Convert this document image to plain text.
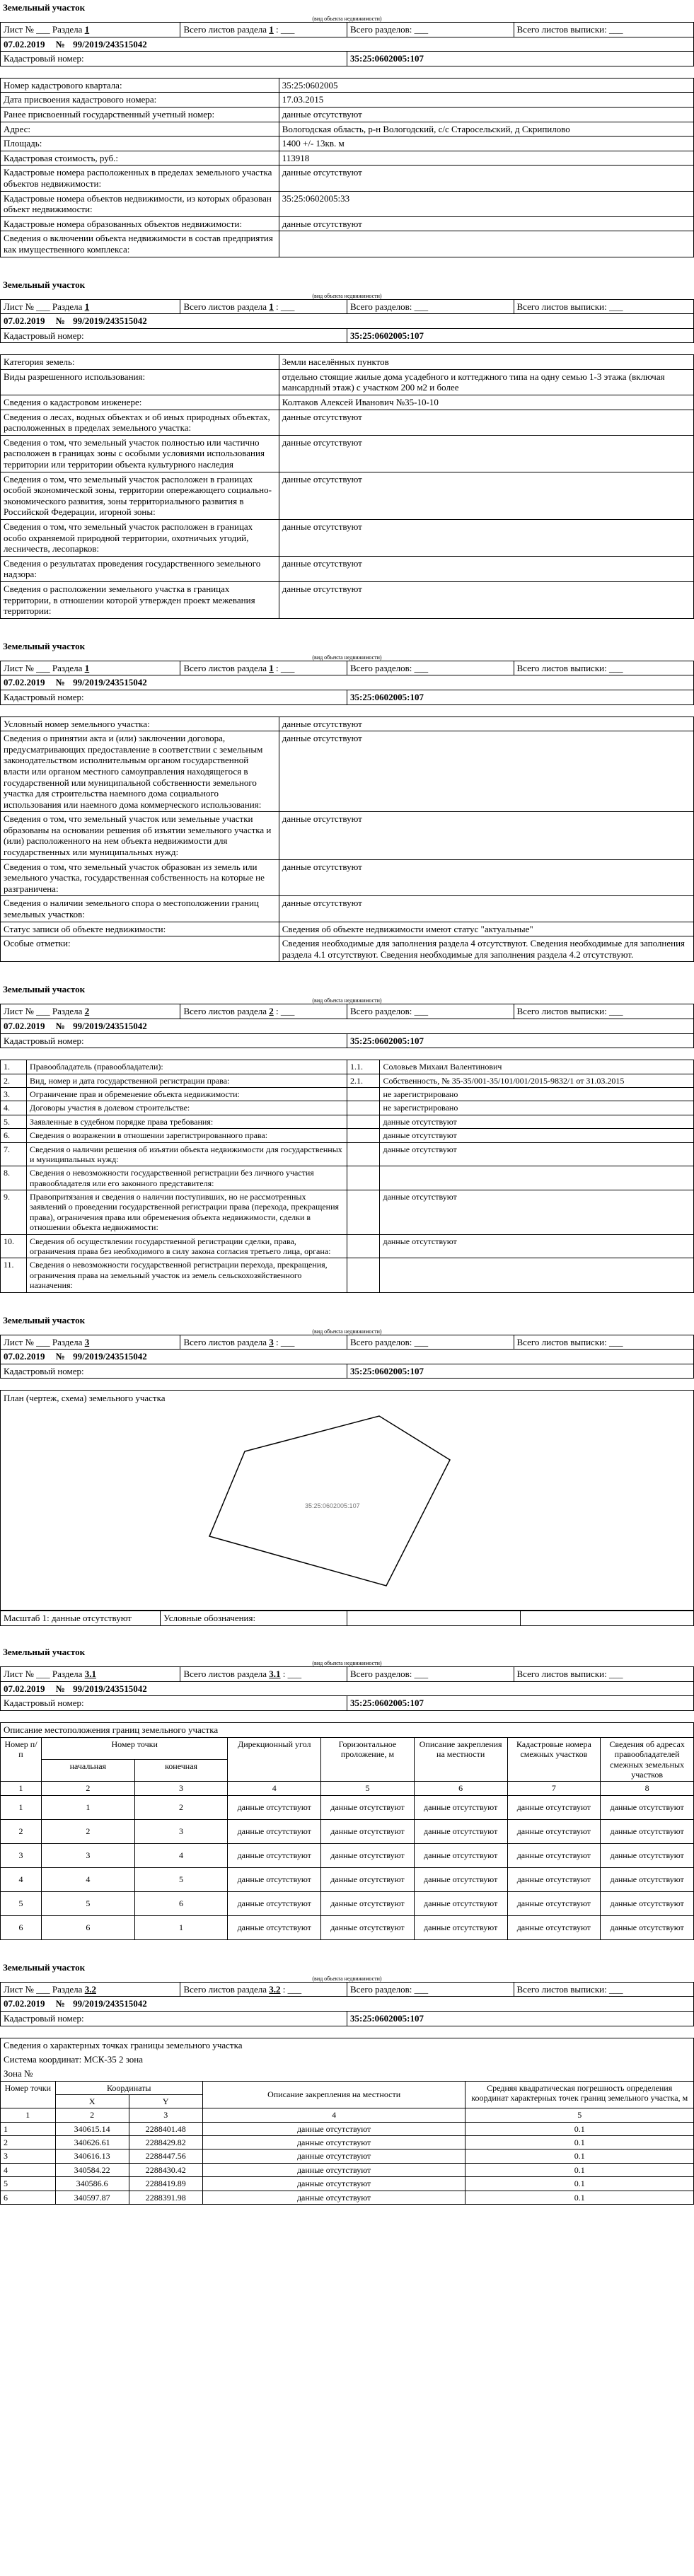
Земельный участок
(вид объекта недвижимости)
Лист № ___ Раздела 1	Всего листов раздела 1 : ___	Всего разделов: ___	Всего листов выписки: ___
07.02.2019 № 99/2019/243515042			
Кадастровый номер:		35:25:0602005:107	
Номер кадастрового квартала:	35:25:0602005
Дата присвоения кадастрового номера:	17.03.2015
Ранее присвоенный государственный учетный номер:	данные отсутствуют
Адрес:	Вологодская область, р-н Вологодский, с/с Старосельский, д Скрипилово
Площадь:	1400 +/- 13кв. м
Кадастровая стоимость, руб.:	113918
Кадастровые номера расположенных в пределах земельного участка объектов недвижимости:	данные отсутствуют
Кадастровые номера объектов недвижимости, из которых образован объект недвижимости:	35:25:0602005:33
Кадастровые номера образованных объектов недвижимости:	данные отсутствуют
Сведения о включении объекта недвижимости в состав предприятия как имущественного комплекса:	
Земельный участок
(вид объекта недвижимости)
Лист № ___ Раздела 1	Всего листов раздела 1 : ___	Всего разделов: ___	Всего листов выписки: ___
07.02.2019 № 99/2019/243515042			
Кадастровый номер:		35:25:0602005:107	
Категория земель:	Земли населённых пунктов
Виды разрешенного использования:	отдельно стоящие жилые дома усадебного и коттеджного типа на одну семью 1-3 этажа (включая мансардный этаж) с участком 200 м2 и более
Сведения о кадастровом инженере:	Колтаков Алексей Иванович №35-10-10
Сведения о лесах, водных объектах и об иных природных объектах, расположенных в пределах земельного участка:	данные отсутствуют
Сведения о том, что земельный участок полностью или частично расположен в границах зоны с особыми условиями использования территории или территории объекта культурного наследия	данные отсутствуют
Сведения о том, что земельный участок расположен в границах особой экономической зоны, территории опережающего социально-экономического развития, зоны территориального развития в Российской Федерации, игорной зоны:	данные отсутствуют
Сведения о том, что земельный участок расположен в границах особо охраняемой природной территории, охотничьих угодий, лесничеств, лесопарков:	данные отсутствуют
Сведения о результатах проведения государственного земельного надзора:	данные отсутствуют
Сведения о расположении земельного участка в границах территории, в отношении которой утвержден проект межевания территории:	данные отсутствуют
Земельный участок
(вид объекта недвижимости)
Лист № ___ Раздела 1	Всего листов раздела 1 : ___	Всего разделов: ___	Всего листов выписки: ___
07.02.2019 № 99/2019/243515042			
Кадастровый номер:		35:25:0602005:107	
Условный номер земельного участка:	данные отсутствуют
Сведения о принятии акта и (или) заключении договора, предусматривающих предоставление в соответствии с земельным законодательством исполнительным органом государственной власти или органом местного самоуправления находящегося в государственной или муниципальной собственности земельного участка для строительства наемного дома социального использования или наемного дома коммерческого использования:	данные отсутствуют
Сведения о том, что земельный участок или земельные участки образованы на основании решения об изъятии земельного участка и (или) расположенного на нем объекта недвижимости для государственных или муниципальных нужд:	данные отсутствуют
Сведения о том, что земельный участок образован из земель или земельного участка, государственная собственность на которые не разграничена:	данные отсутствуют
Сведения о наличии земельного спора о местоположении границ земельных участков:	данные отсутствуют
Статус записи об объекте недвижимости:	Сведения об объекте недвижимости имеют статус "актуальные"
Особые отметки:	Сведения необходимые для заполнения раздела 4 отсутствуют. Сведения необходимые для заполнения раздела 4.1 отсутствуют. Сведения необходимые для заполнения раздела 4.2 отсутствуют.
Земельный участок
(вид объекта недвижимости)
Лист № ___ Раздела 2	Всего листов раздела 2 : ___	Всего разделов: ___	Всего листов выписки: ___
07.02.2019 № 99/2019/243515042			
Кадастровый номер:		35:25:0602005:107	
1.	Правообладатель (правообладатели):	1.1.	Соловьев Михаил Валентинович
2.	Вид, номер и дата государственной регистрации права:	2.1.	Собственность, № 35-35/001-35/101/001/2015-9832/1 от 31.03.2015
3.	Ограничение прав и обременение объекта недвижимости:		не зарегистрировано
4.	Договоры участия в долевом строительстве:		не зарегистрировано
5.	Заявленные в судебном порядке права требования:		данные отсутствуют
6.	Сведения о возражении в отношении зарегистрированного права:		данные отсутствуют
7.	Сведения о наличии решения об изъятии объекта недвижимости для государственных и муниципальных нужд:		данные отсутствуют
8.	Сведения о невозможности государственной регистрации без личного участия правообладателя или его законного представителя:		
9.	Правопритязания и сведения о наличии поступивших, но не рассмотренных заявлений о проведении государственной регистрации права (перехода, прекращения права), ограничения права или обременения объекта недвижимости, сделки в отношении объекта недвижимости:		данные отсутствуют
10.	Сведения об осуществлении государственной регистрации сделки, права, ограничения права без необходимого в силу закона согласия третьего лица, органа:		данные отсутствуют
11.	Сведения о невозможности государственной регистрации перехода, прекращения, ограничения права на земельный участок из земель сельскохозяйственного назначения:		
Земельный участок
(вид объекта недвижимости)
Лист № ___ Раздела 3	Всего листов раздела 3 : ___	Всего разделов: ___	Всего листов выписки: ___
07.02.2019 № 99/2019/243515042			
Кадастровый номер:		35:25:0602005:107	
План (чертеж, схема) земельного участка
35:25:0602005:107
Масштаб 1: данные отсутствуют	Условные обозначения:		
Земельный участок
(вид объекта недвижимости)
Лист № ___ Раздела 3.1	Всего листов раздела 3.1 : ___	Всего разделов: ___	Всего листов выписки: ___
07.02.2019 № 99/2019/243515042			
Кадастровый номер:		35:25:0602005:107	
Описание местоположения границ земельного участка
Номер п/п	Номер точки		Дирекционный угол	Горизонтальное проложение, м	Описание закрепления на местности	Кадастровые номера смежных участков	Сведения об адресах правообладателей смежных земельных участков
	начальная	конечная					
1	2	3	4	5	6	7	8
1	1	2	данные отсутствуют	данные отсутствуют	данные отсутствуют	данные отсутствуют	данные отсутствуют
2	2	3	данные отсутствуют	данные отсутствуют	данные отсутствуют	данные отсутствуют	данные отсутствуют
3	3	4	данные отсутствуют	данные отсутствуют	данные отсутствуют	данные отсутствуют	данные отсутствуют
4	4	5	данные отсутствуют	данные отсутствуют	данные отсутствуют	данные отсутствуют	данные отсутствуют
5	5	6	данные отсутствуют	данные отсутствуют	данные отсутствуют	данные отсутствуют	данные отсутствуют
6	6	1	данные отсутствуют	данные отсутствуют	данные отсутствуют	данные отсутствуют	данные отсутствуют
Земельный участок
(вид объекта недвижимости)
Лист № ___ Раздела 3.2	Всего листов раздела 3.2 : ___	Всего разделов: ___	Всего листов выписки: ___
07.02.2019 № 99/2019/243515042			
Кадастровый номер:		35:25:0602005:107	
Сведения о характерных точках границы земельного участка
Система координат: МСК-35 2 зона
Зона №
Номер точки	Координаты		Описание закрепления на местности	Средняя квадратическая погрешность определения координат характерных точек границ земельного участка, м
	X	Y		
1	2	3	4	5
1	340615.14	2288401.48	данные отсутствуют	0.1
2	340626.61	2288429.82	данные отсутствуют	0.1
3	340616.13	2288447.56	данные отсутствуют	0.1
4	340584.22	2288430.42	данные отсутствуют	0.1
5	340586.6	2288419.89	данные отсутствуют	0.1
6	340597.87	2288391.98	данные отсутствуют	0.1
